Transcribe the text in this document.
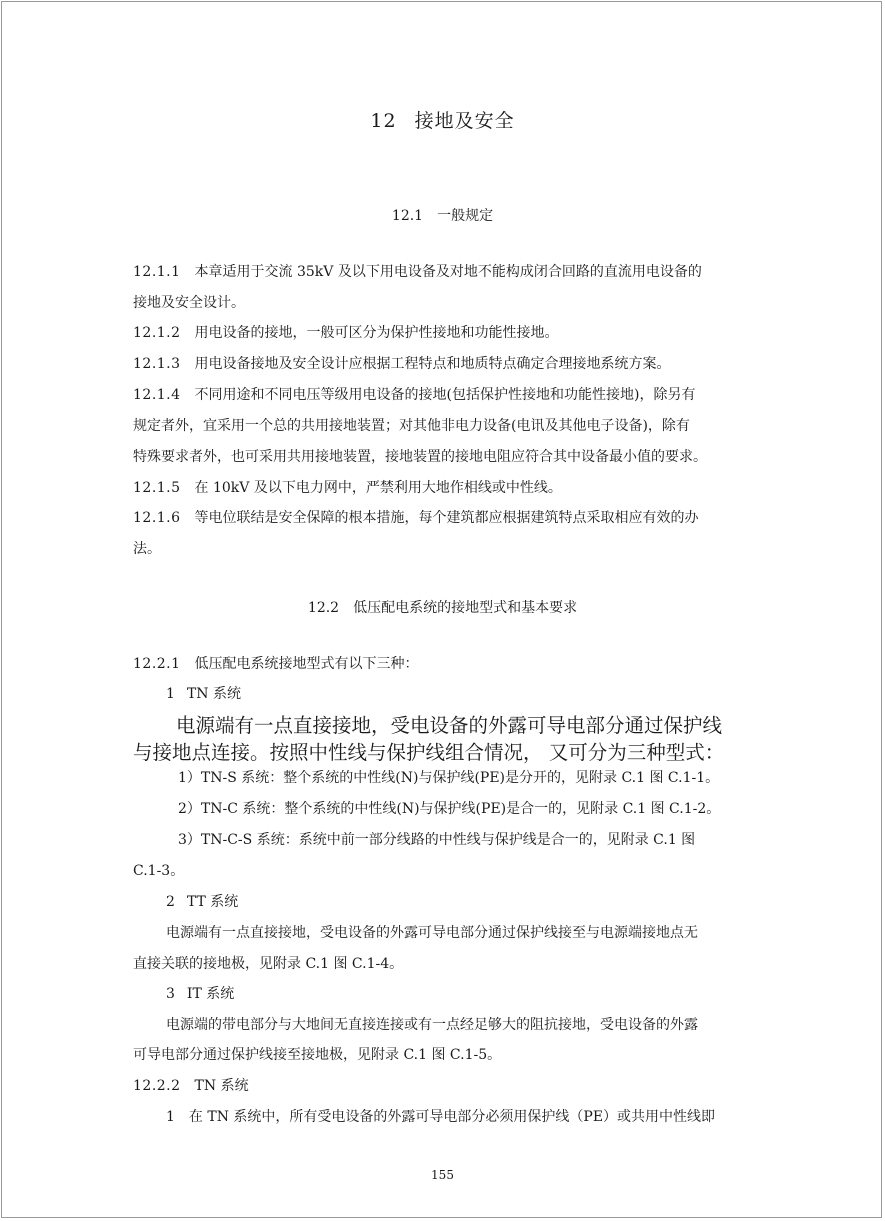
12 接地及安全
12.1 一般规定
12.1.1 本章适用于交流 35kV 及以下用电设备及对地不能构成闭合回路的直流用电设备的
接地及安全设计。
12.1.2 用电设备的接地，一般可区分为保护性接地和功能性接地。
12.1.3 用电设备接地及安全设计应根据工程特点和地质特点确定合理接地系统方案。
12.1.4 不同用途和不同电压等级用电设备的接地(包括保护性接地和功能性接地)，除另有
规定者外，宜采用一个总的共用接地装置；对其他非电力设备(电讯及其他电子设备)，除有
特殊要求者外，也可采用共用接地装置，接地装置的接地电阻应符合其中设备最小值的要求。
12.1.5 在 10kV 及以下电力网中，严禁利用大地作相线或中性线。
12.1.6 等电位联结是安全保障的根本措施，每个建筑都应根据建筑特点采取相应有效的办
法。
12.2 低压配电系统的接地型式和基本要求
12.2.1 低压配电系统接地型式有以下三种：
1 TN 系统
电源端有一点直接接地，受电设备的外露可导电部分通过保护线
与接地点连接。按照中性线与保护线组合情况， 又可分为三种型式：
1）TN-S 系统：整个系统的中性线(N)与保护线(PE)是分开的，见附录 C.1 图 C.1-1。
2）TN-C 系统：整个系统的中性线(N)与保护线(PE)是合一的，见附录 C.1 图 C.1-2。
3）TN-C-S 系统：系统中前一部分线路的中性线与保护线是合一的，见附录 C.1 图
C.1-3。
2 TT 系统
电源端有一点直接接地，受电设备的外露可导电部分通过保护线接至与电源端接地点无
直接关联的接地极，见附录 C.1 图 C.1-4。
3 IT 系统
电源端的带电部分与大地间无直接连接或有一点经足够大的阻抗接地，受电设备的外露
可导电部分通过保护线接至接地极，见附录 C.1 图 C.1-5。
12.2.2 TN 系统
1　在 TN 系统中，所有受电设备的外露可导电部分必须用保护线（PE）或共用中性线即
155
